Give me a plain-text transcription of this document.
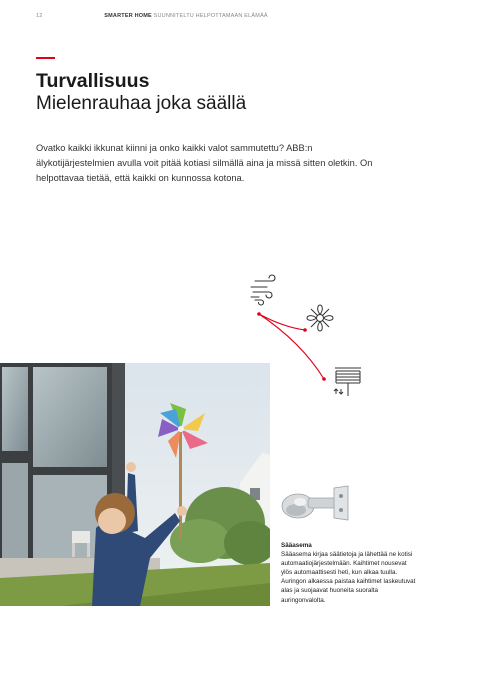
12	SMARTER HOME SUUNNITELTU HELPOTTAMAAN ELÄMÄÄ
Turvallisuus
Mielenrauhaa joka säällä

Ovatko kaikki ikkunat kiinni ja onko kaikki valot sammutettu? ABB:n älykotijärjestelmien avulla voit pitää kotiasi silmällä aina ja missä sitten oletkin. On helpottavaa tietää, että kaikki on kunnossa kotona.

Sääasema

Sääasema kirjaa säätietoja ja lähettää ne kotisi

automaatiojärjestelmään. Kaihtimet nousevat

ylös automaattisesti heti, kun alkaa tuulla.

Auringon alkaessa paistaa kaihtimet laskeutuvat

alas ja suojaavat huoneita suoralta

auringonvalolta.
